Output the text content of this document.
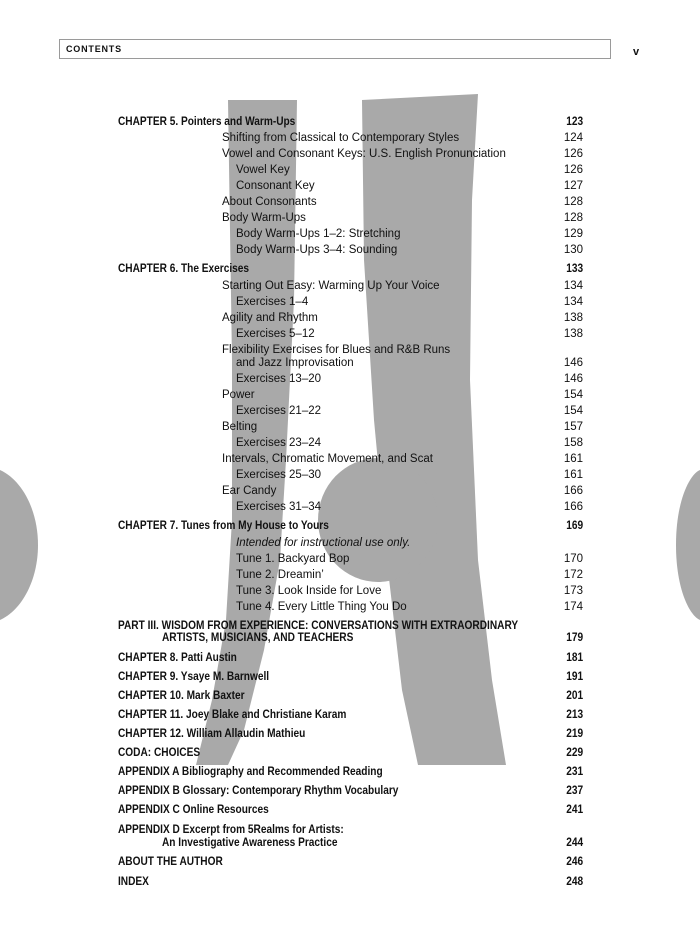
CONTENTS	v
CHAPTER 5. Pointers and Warm-Ups	123
Shifting from Classical to Contemporary Styles	124
Vowel and Consonant Keys: U.S. English Pronunciation	126
Vowel Key	126
Consonant Key	127
About Consonants	128
Body Warm-Ups	128
Body Warm-Ups 1–2: Stretching	129
Body Warm-Ups 3–4: Sounding	130
CHAPTER 6. The Exercises	133
Starting Out Easy: Warming Up Your Voice	134
Exercises 1–4	134
Agility and Rhythm	138
Exercises 5–12	138
Flexibility Exercises for Blues and R&B Runs
and Jazz Improvisation	146
Exercises 13–20	146
Power	154
Exercises 21–22	154
Belting	157
Exercises 23–24	158
Intervals, Chromatic Movement, and Scat	161
Exercises 25–30	161
Ear Candy	166
Exercises 31–34	166
CHAPTER 7. Tunes from My House to Yours	169
Intended for instructional use only.
Tune 1. Backyard Bop	170
Tune 2. Dreamin’	172
Tune 3. Look Inside for Love	173
Tune 4. Every Little Thing You Do	174
PART III. WISDOM FROM EXPERIENCE: CONVERSATIONS WITH EXTRAORDINARY
ARTISTS, MUSICIANS, AND TEACHERS	179
CHAPTER 8. Patti Austin	181
CHAPTER 9. Ysaye M. Barnwell	191
CHAPTER 10. Mark Baxter	201
CHAPTER 11. Joey Blake and Christiane Karam	213
CHAPTER 12. William Allaudin Mathieu	219
CODA: CHOICES	229
APPENDIX A Bibliography and Recommended Reading	231
APPENDIX B Glossary: Contemporary Rhythm Vocabulary	237
APPENDIX C Online Resources	241
APPENDIX D Excerpt from 5Realms for Artists:
An Investigative Awareness Practice	244
ABOUT THE AUTHOR	246
INDEX	248
